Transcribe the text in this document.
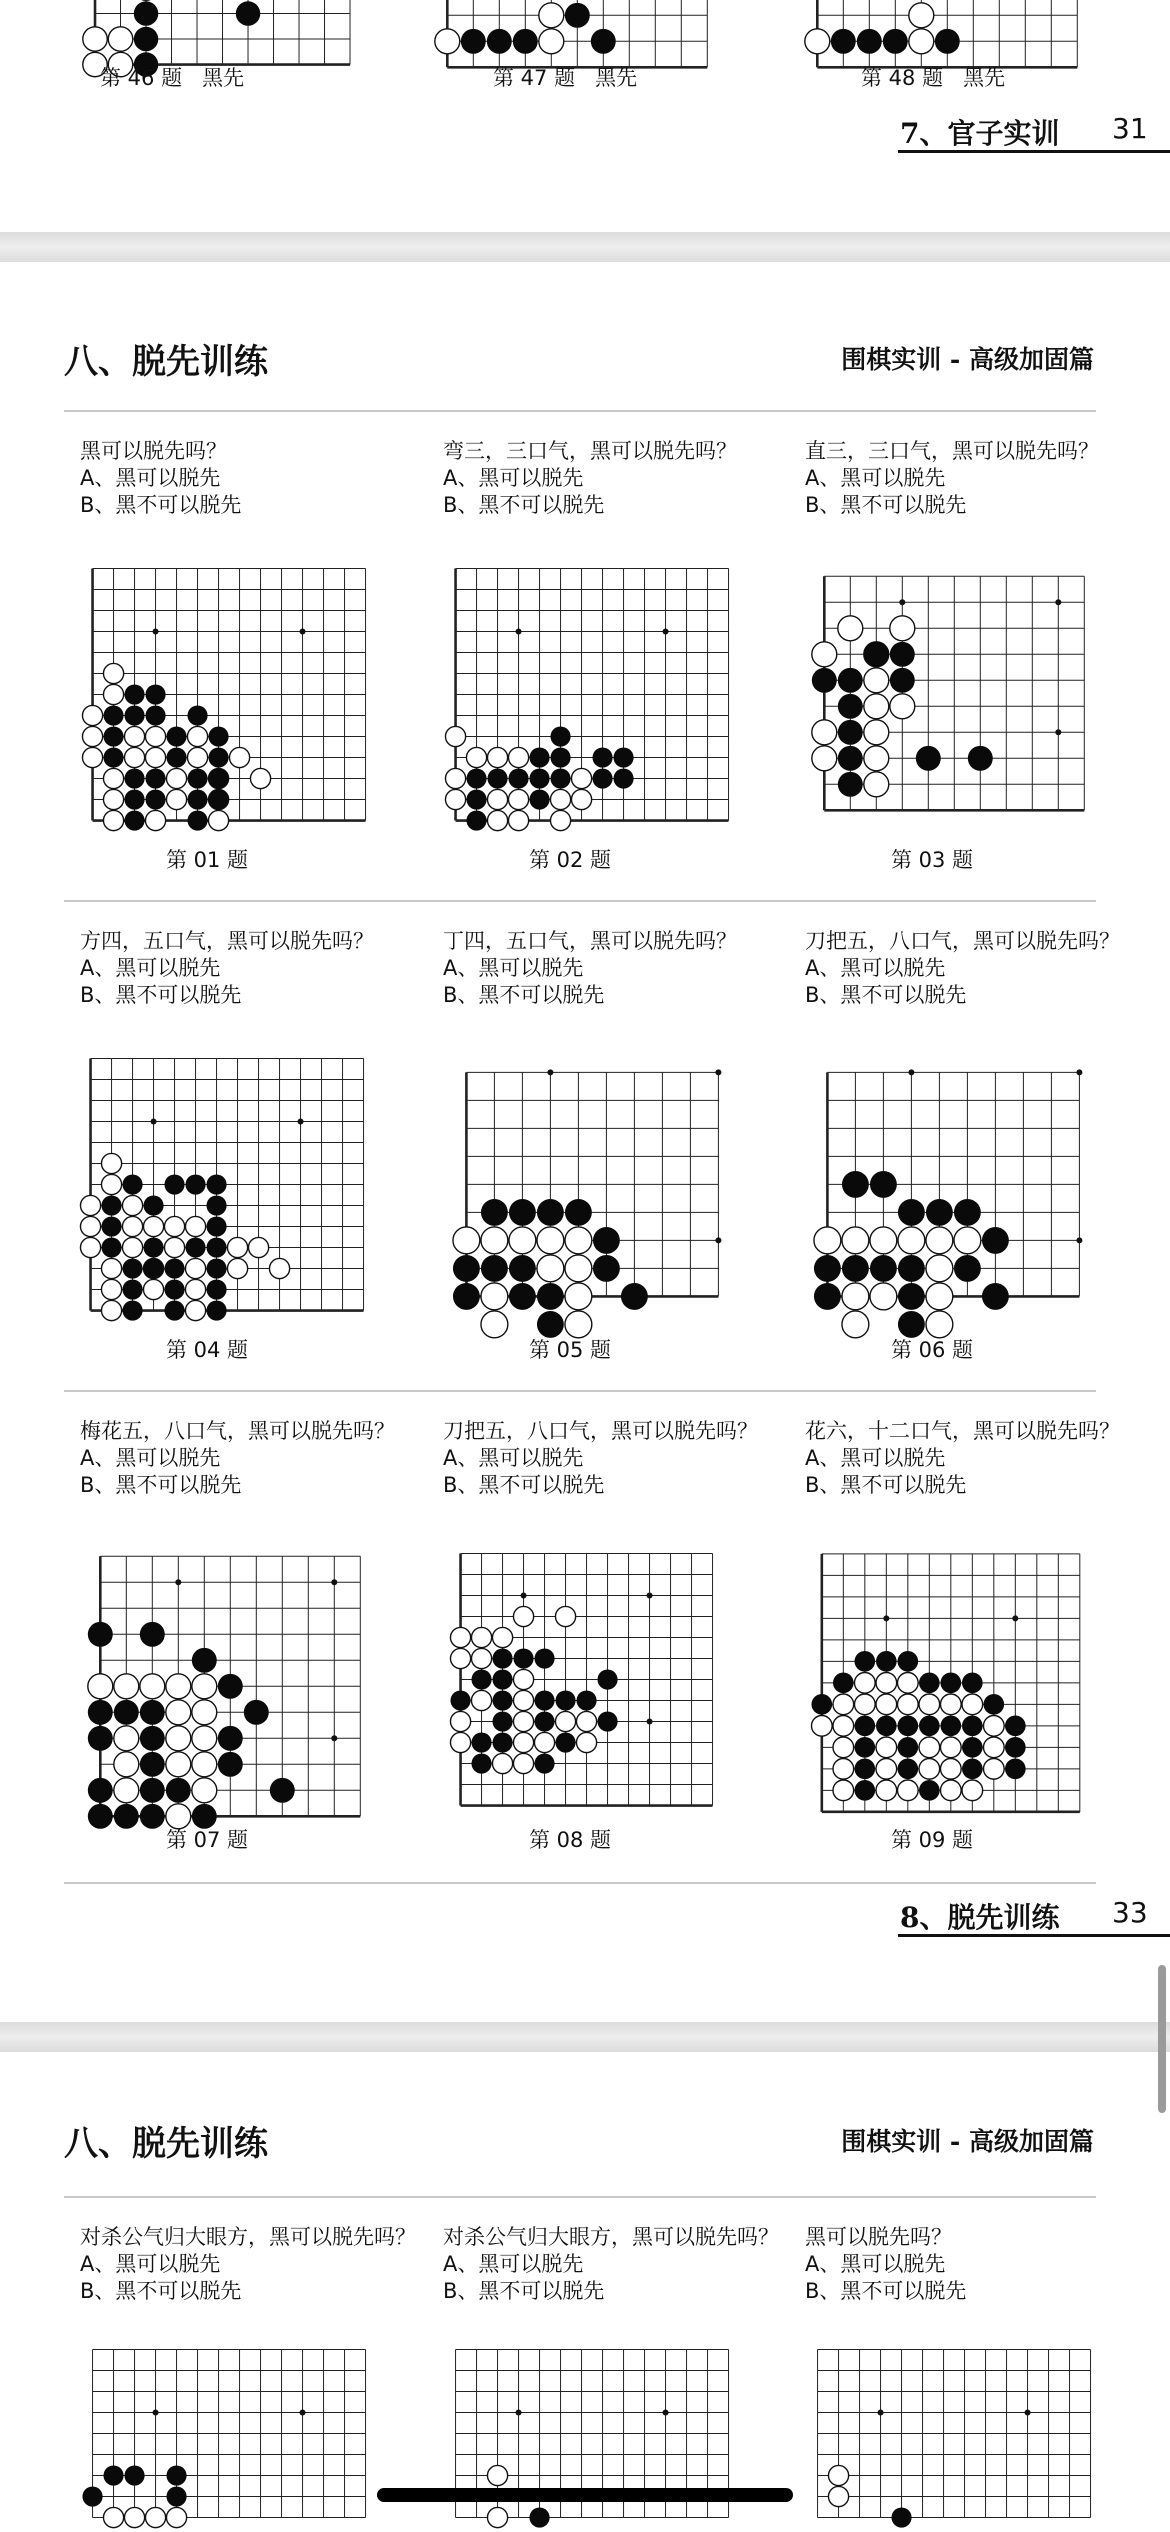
第 46 题 黑先	第 47 题 黑先	第 48 题 黑先
7、官子实训 31
八、脱先训练	围棋实训 - 高级加固篇
黑可以脱先吗？
A、黑可以脱先
B、黑不可以脱先
弯三，三口气，黑可以脱先吗？
A、黑可以脱先
B、黑不可以脱先
直三，三口气，黑可以脱先吗？
A、黑可以脱先
B、黑不可以脱先
第 01 题	第 02 题	第 03 题
方四，五口气，黑可以脱先吗？
A、黑可以脱先
B、黑不可以脱先
丁四，五口气，黑可以脱先吗？
A、黑可以脱先
B、黑不可以脱先
刀把五，八口气，黑可以脱先吗？
A、黑可以脱先
B、黑不可以脱先
第 04 题	第 05 题	第 06 题
梅花五，八口气，黑可以脱先吗？
A、黑可以脱先
B、黑不可以脱先
刀把五，八口气，黑可以脱先吗？
A、黑可以脱先
B、黑不可以脱先
花六，十二口气，黑可以脱先吗？
A、黑可以脱先
B、黑不可以脱先
第 07 题	第 08 题	第 09 题
8、脱先训练 33
八、脱先训练	围棋实训 - 高级加固篇
对杀公气归大眼方，黑可以脱先吗？
A、黑可以脱先
B、黑不可以脱先
对杀公气归大眼方，黑可以脱先吗？
A、黑可以脱先
B、黑不可以脱先
黑可以脱先吗？
A、黑可以脱先
B、黑不可以脱先
